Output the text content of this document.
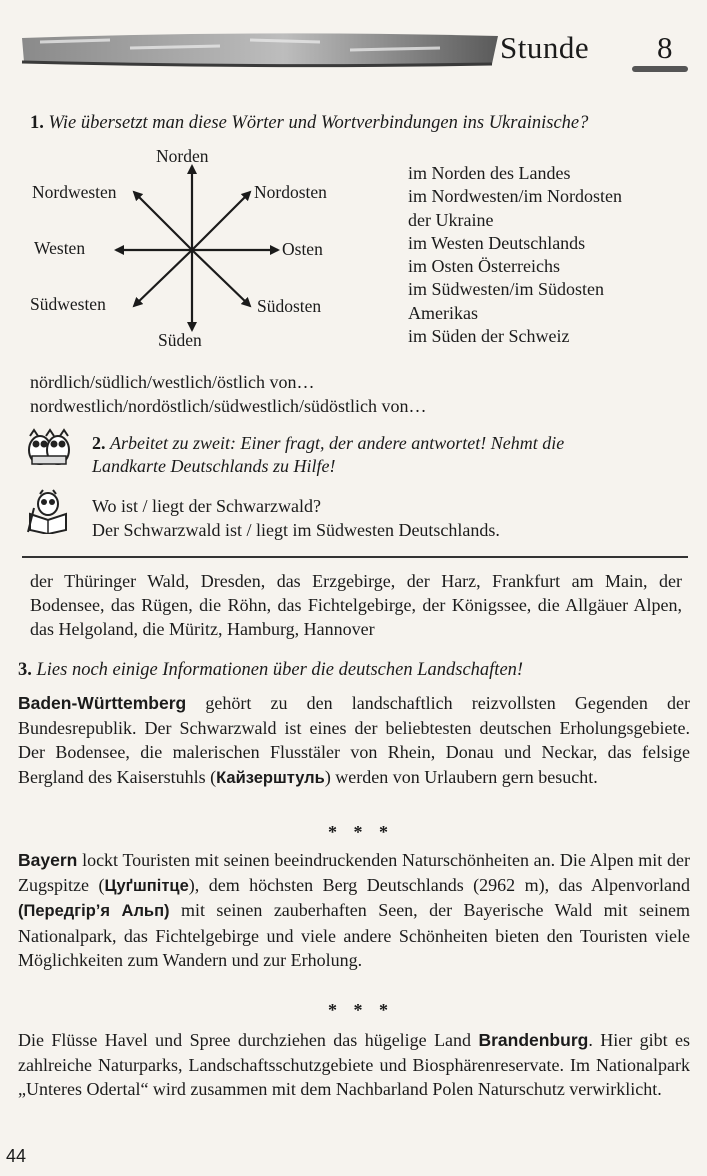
Stunde 8
1. Wie übersetzt man diese Wörter und Wortverbindungen ins Ukrainische?
Norden
Nordosten
Osten
Südosten
Süden
Südwesten
Westen
Nordwesten
im Norden des Landes
im Nordwesten/im Nordosten
der Ukraine
im Westen Deutschlands
im Osten Österreichs
im Südwesten/im Südosten
Amerikas
im Süden der Schweiz
nördlich/südlich/westlich/östlich von…
nordwestlich/nordöstlich/südwestlich/südöstlich von…
2. Arbeitet zu zweit: Einer fragt, der andere antwortet! Nehmt die
Landkarte Deutschlands zu Hilfe!
Wo ist / liegt der Schwarzwald?
Der Schwarzwald ist / liegt im Südwesten Deutschlands.
der Thüringer Wald, Dresden, das Erzgebirge, der Harz, Frankfurt am Main, der Bodensee, das Rügen, die Röhn, das Fichtelgebirge, der Königssee, die Allgäuer Alpen, das Helgoland, die Müritz, Hamburg, Hannover
3. Lies noch einige Informationen über die deutschen Landschaften!
Baden-Württemberg gehört zu den landschaftlich reizvollsten Gegenden der Bundesrepublik. Der Schwarzwald ist eines der beliebtesten deutschen Erholungsgebiete. Der Bodensee, die malerischen Flusstäler von Rhein, Donau und Neckar, das felsige Bergland des Kaiserstuhls (Кайзерштуль) werden von Urlaubern gern besucht.
* * *
Bayern lockt Touristen mit seinen beeindruckenden Naturschönheiten an. Die Alpen mit der Zugspitze (Цуґшпітце), dem höchsten Berg Deutschlands (2962 m), das Alpenvorland (Передгір’я Альп) mit seinen zauberhaften Seen, der Bayerische Wald mit seinem Nationalpark, das Fichtelgebirge und viele andere Schönheiten bieten den Touristen viele Möglichkeiten zum Wandern und zur Erholung.
* * *
Die Flüsse Havel und Spree durchziehen das hügelige Land Brandenburg. Hier gibt es zahlreiche Naturparks, Landschaftsschutzgebiete und Biosphärenreservate. Im Nationalpark „Unteres Odertal“ wird zusammen mit dem Nachbarland Polen Naturschutz verwirklicht.
44
